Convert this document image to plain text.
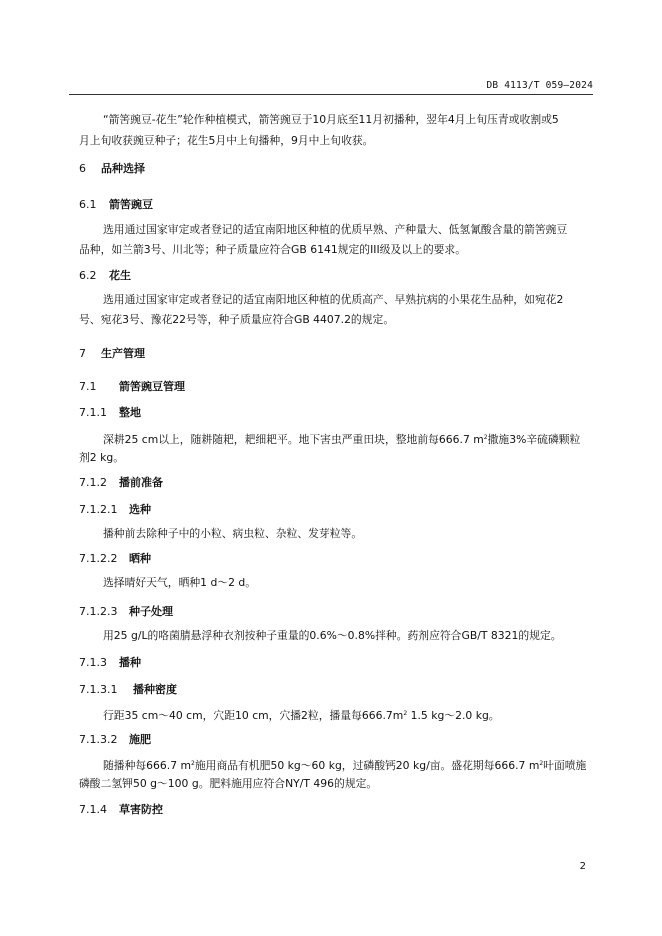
DB 4113/T 059—2024
“箭筈豌豆-花生”轮作种植模式，箭筈豌豆于10月底至11月初播种，翌年4月上旬压青或收割或5
月上旬收获豌豆种子；花生5月中上旬播种，9月中上旬收获。
6 品种选择
6.1 箭筈豌豆
选用通过国家审定或者登记的适宜南阳地区种植的优质早熟、产种量大、低氢氰酸含量的箭筈豌豆
品种，如兰箭3号、川北等；种子质量应符合GB 6141规定的III级及以上的要求。
6.2 花生
选用通过国家审定或者登记的适宜南阳地区种植的优质高产、早熟抗病的小果花生品种，如宛花2
号、宛花3号、豫花22号等，种子质量应符合GB 4407.2的规定。
7 生产管理
7.1 箭筈豌豆管理
7.1.1 整地
深耕25 cm以上，随耕随耙，耙细耙平。地下害虫严重田块，整地前每666.7 $m^2$撒施3%辛硫磷颗粒
剂2 kg。
7.1.2 播前准备
7.1.2.1 选种
播种前去除种子中的小粒、病虫粒、杂粒、发芽粒等。
7.1.2.2 晒种
选择晴好天气，晒种1 d～2 d。
7.1.2.3 种子处理
用25 g/L的咯菌腈悬浮种衣剂按种子重量的0.6%～0.8%拌种。药剂应符合GB/T 8321的规定。
7.1.3 播种
7.1.3.1 播种密度
行距35 cm～40 cm，穴距10 cm，穴播2粒，播量每$666.7m^2$ 1.5 kg～2.0 kg。
7.1.3.2 施肥
随播种每666.7 $m^2$施用商品有机肥50 kg～60 kg，过磷酸钙20 kg/亩。盛花期每666.7 $m^2$叶面喷施
磷酸二氢钾50 g～100 g。肥料施用应符合NY/T 496的规定。
7.1.4 草害防控
2
